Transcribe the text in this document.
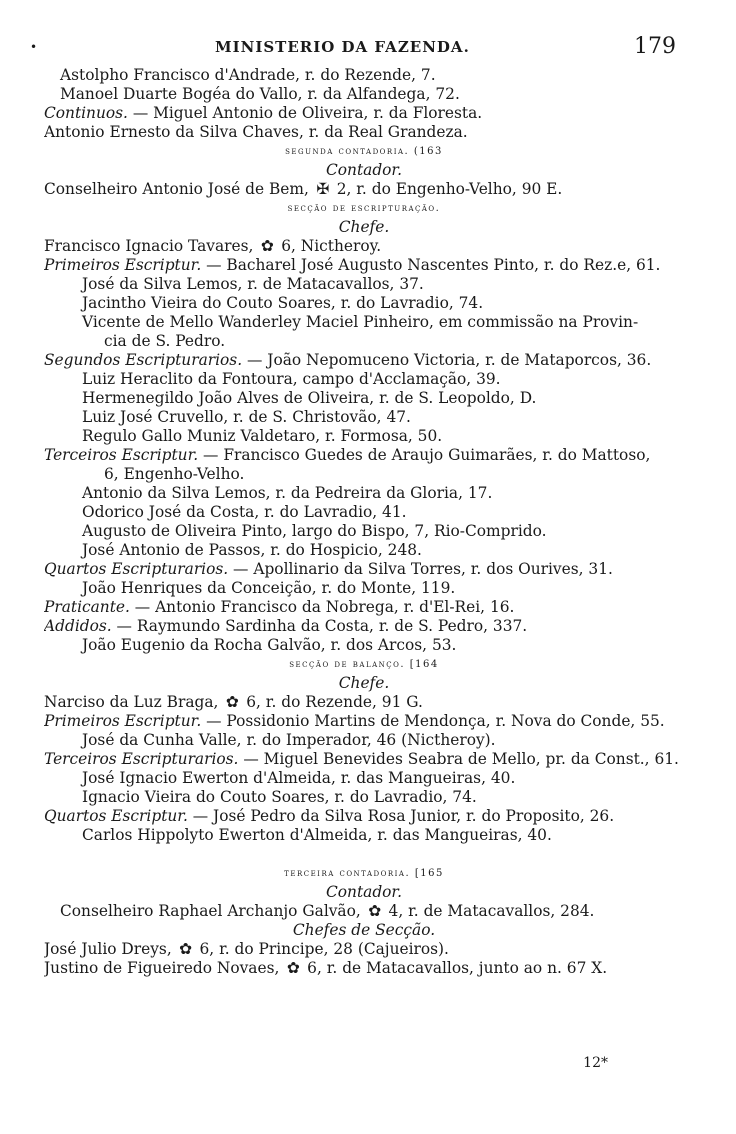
•	MINISTERIO DA FAZENDA.	179
Astolpho Francisco d'Andrade, r. do Rezende, 7.
Manoel Duarte Bogéa do Vallo, r. da Alfandega, 72.
Continuos. — Miguel Antonio de Oliveira, r. da Floresta.
Antonio Ernesto da Silva Chaves, r. da Real Grandeza.
segunda contadoria. (163
Contador.
Conselheiro Antonio José de Bem, ✠ 2, r. do Engenho-Velho, 90 E.
secção de escripturação.
Chefe.
Francisco Ignacio Tavares, ✿ 6, Nictheroy.
Primeiros Escriptur. — Bacharel José Augusto Nascentes Pinto, r. do Rez.e, 61.
José da Silva Lemos, r. de Matacavallos, 37.
Jacintho Vieira do Couto Soares, r. do Lavradio, 74.
Vicente de Mello Wanderley Maciel Pinheiro, em commissão na Provin-
cia de S. Pedro.
Segundos Escripturarios. — João Nepomuceno Victoria, r. de Mataporcos, 36.
Luiz Heraclito da Fontoura, campo d'Acclamação, 39.
Hermenegildo João Alves de Oliveira, r. de S. Leopoldo, D.
Luiz José Cruvello, r. de S. Christovão, 47.
Regulo Gallo Muniz Valdetaro, r. Formosa, 50.
Terceiros Escriptur. — Francisco Guedes de Araujo Guimarães, r. do Mattoso,
6, Engenho-Velho.
Antonio da Silva Lemos, r. da Pedreira da Gloria, 17.
Odorico José da Costa, r. do Lavradio, 41.
Augusto de Oliveira Pinto, largo do Bispo, 7, Rio-Comprido.
José Antonio de Passos, r. do Hospicio, 248.
Quartos Escripturarios. — Apollinario da Silva Torres, r. dos Ourives, 31.
João Henriques da Conceição, r. do Monte, 119.
Praticante. — Antonio Francisco da Nobrega, r. d'El-Rei, 16.
Addidos. — Raymundo Sardinha da Costa, r. de S. Pedro, 337.
João Eugenio da Rocha Galvão, r. dos Arcos, 53.
secção de balanço. [164
Chefe.
Narciso da Luz Braga, ✿ 6, r. do Rezende, 91 G.
Primeiros Escriptur. — Possidonio Martins de Mendonça, r. Nova do Conde, 55.
José da Cunha Valle, r. do Imperador, 46 (Nictheroy).
Terceiros Escripturarios. — Miguel Benevides Seabra de Mello, pr. da Const., 61.
José Ignacio Ewerton d'Almeida, r. das Mangueiras, 40.
Ignacio Vieira do Couto Soares, r. do Lavradio, 74.
Quartos Escriptur. — José Pedro da Silva Rosa Junior, r. do Proposito, 26.
Carlos Hippolyto Ewerton d'Almeida, r. das Mangueiras, 40.
terceira contadoria. [165
Contador.
Conselheiro Raphael Archanjo Galvão, ✿ 4, r. de Matacavallos, 284.
Chefes de Secção.
José Julio Dreys, ✿ 6, r. do Principe, 28 (Cajueiros).
Justino de Figueiredo Novaes, ✿ 6, r. de Matacavallos, junto ao n. 67 X.
12*
